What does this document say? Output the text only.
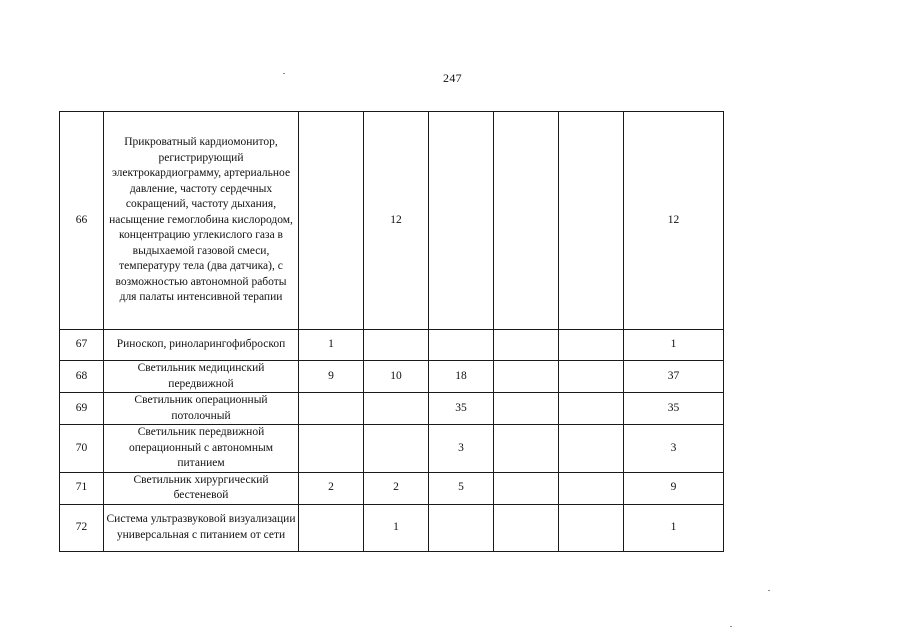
247
66	Прикроватный кардиомонитор, регистрирующий электрокардиограмму, артериальное давление, частоту сердечных сокращений, частоту дыхания, насыщение гемоглобина кислородом, концентрацию углекислого газа в выдыхаемой газовой смеси, температуру тела (два датчика), с возможностью автономной работы для палаты интенсивной терапии		12				12
67	Риноскоп, риноларингофиброскоп	1					1
68	Светильник медицинский передвижной	9	10	18			37
69	Светильник операционный потолочный			35			35
70	Светильник передвижной операционный с автономным питанием			3			3
71	Светильник хирургический бестеневой	2	2	5			9
72	Система ультразвуковой визуализации универсальная с питанием от сети		1				1
